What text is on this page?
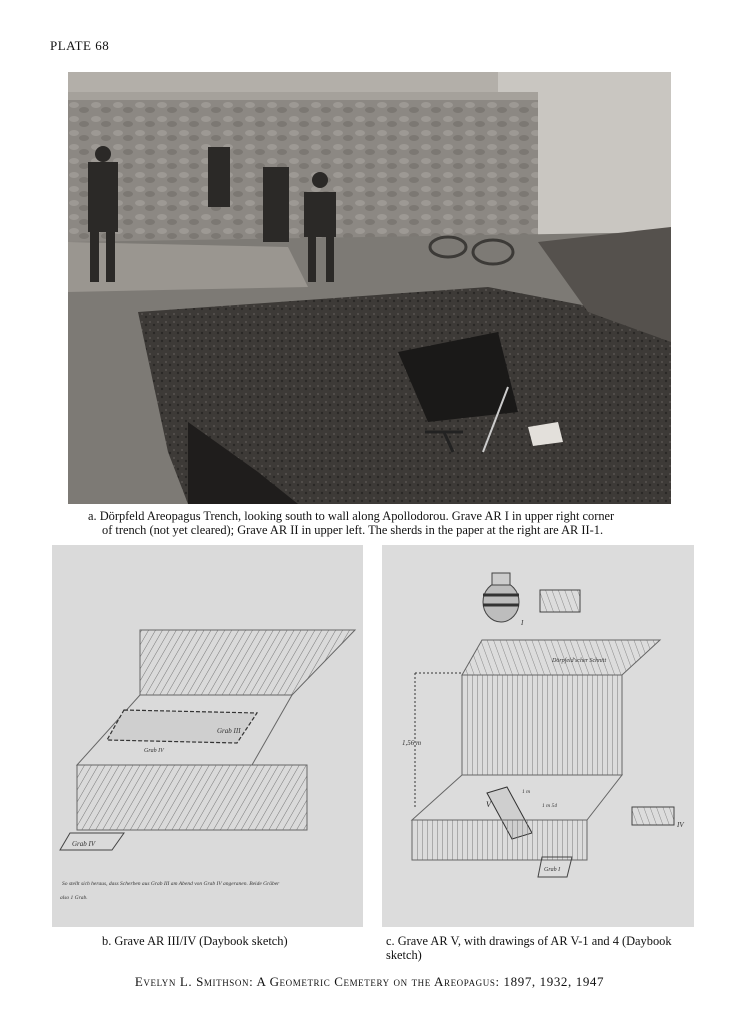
PLATE 68
a. Dörpfeld Areopagus Trench, looking south to wall along Apollodorou. Grave AR I in upper right corner
of trench (not yet cleared); Grave AR II in upper left. The sherds in the paper at the right are AR II-1.
Grab IV
Grab III
Grab IV
So stellt sich heraus, dass Scherben aus Grab III am Abend von Grab IV angeranen. Beide Gräber
also 1 Grab.
I
Dörpfeld'scher Schnitt
1,56 m
V
1 m
1 m 54
Grab I
IV
b. Grave AR III/IV (Daybook sketch)	c. Grave AR V, with drawings of AR V-1 and 4 (Daybook
sketch)
Evelyn L. Smithson: A Geometric Cemetery on the Areopagus: 1897, 1932, 1947
